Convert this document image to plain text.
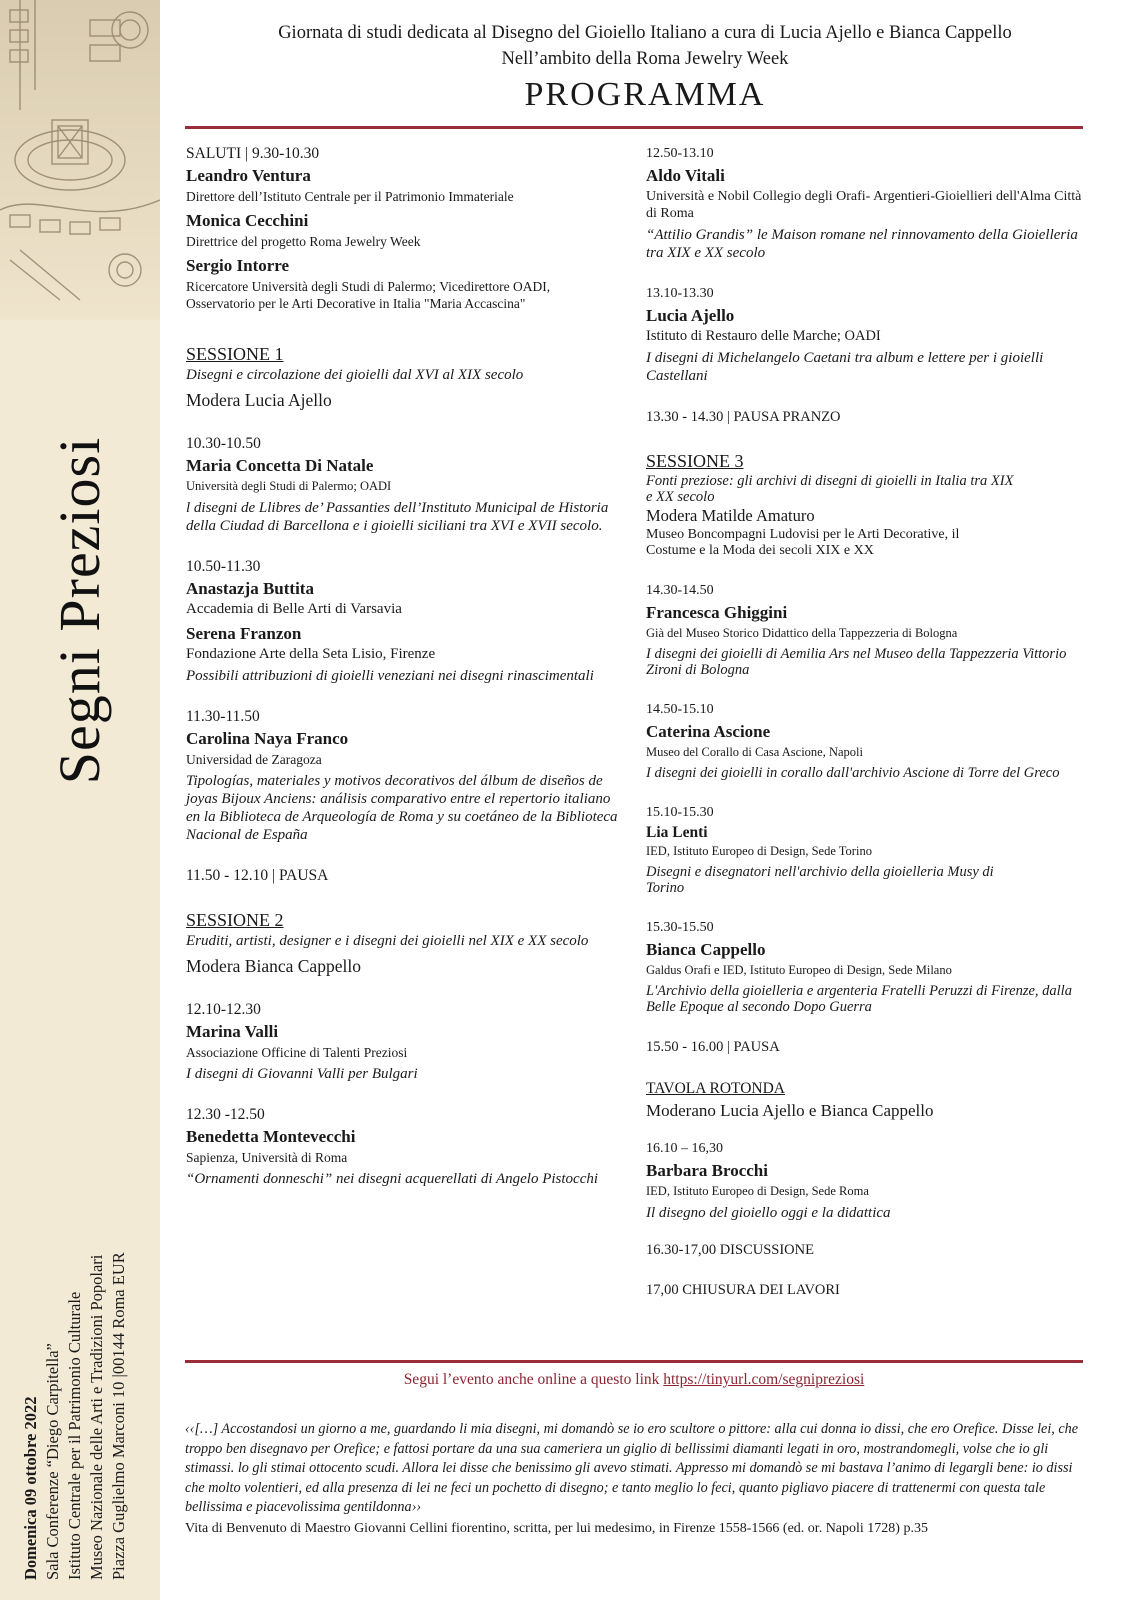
Segni Preziosi
Domenica 09 ottobre 2022 Sala Conferenze “Diego Carpitella” Istituto Centrale per il Patrimonio Culturale Museo Nazionale delle Arti e Tradizioni Popolari Piazza Guglielmo Marconi 10 |00144 Roma EUR
Giornata di studi dedicata al Disegno del Gioiello Italiano a cura di Lucia Ajello e Bianca Cappello
Nell’ambito della Roma Jewelry Week
PROGRAMMA
SALUTI | 9.30-10.30
Leandro Ventura
Direttore dell’Istituto Centrale per il Patrimonio Immateriale
Monica Cecchini
Direttrice del progetto Roma Jewelry Week
Sergio Intorre
Ricercatore Università degli Studi di Palermo; Vicedirettore OADI, Osservatorio per le Arti Decorative in Italia "Maria Accascina"
SESSIONE 1
Disegni e circolazione dei gioielli dal XVI al XIX secolo
Modera Lucia Ajello
10.30-10.50
Maria Concetta Di Natale
Università degli Studi di Palermo; OADI
l disegni de Llibres de’ Passanties dell’Instituto Municipal de Historia della Ciudad di Barcellona e i gioielli siciliani tra XVI e XVII secolo.
10.50-11.30
Anastazja Buttita
Accademia di Belle Arti di Varsavia
Serena Franzon
Fondazione Arte della Seta Lisio, Firenze
Possibili attribuzioni di gioielli veneziani nei disegni rinascimentali
11.30-11.50
Carolina Naya Franco
Universidad de Zaragoza
Tipologías, materiales y motivos decorativos del álbum de diseños de joyas Bijoux Anciens: análisis comparativo entre el repertorio italiano en la Biblioteca de Arqueología de Roma y su coetáneo de la Biblioteca Nacional de España
11.50 - 12.10 | PAUSA
SESSIONE 2
Eruditi, artisti, designer e i disegni dei gioielli nel XIX e XX secolo
Modera Bianca Cappello
12.10-12.30
Marina Valli
Associazione Officine di Talenti Preziosi
I disegni di Giovanni Valli per Bulgari
12.30 -12.50
Benedetta Montevecchi
Sapienza, Università di Roma
“Ornamenti donneschi” nei disegni acquerellati di Angelo Pistocchi
12.50-13.10
Aldo Vitali
Università e Nobil Collegio degli Orafi- Argentieri-Gioiellieri dell'Alma Città di Roma
“Attilio Grandis” le Maison romane nel rinnovamento della Gioielleria tra XIX e XX secolo
13.10-13.30
Lucia Ajello
Istituto di Restauro delle Marche; OADI
I disegni di Michelangelo Caetani tra album e lettere per i gioielli Castellani
13.30 - 14.30 | PAUSA PRANZO
SESSIONE 3
Fonti preziose: gli archivi di disegni di gioielli in Italia tra XIX e XX secolo
Modera Matilde Amaturo
Museo Boncompagni Ludovisi per le Arti Decorative, il Costume e la Moda dei secoli XIX e XX
14.30-14.50
Francesca Ghiggini
Già del Museo Storico Didattico della Tappezzeria di Bologna
I disegni dei gioielli di Aemilia Ars nel Museo della Tappezzeria Vittorio Zironi di Bologna
14.50-15.10
Caterina Ascione
Museo del Corallo di Casa Ascione, Napoli
I disegni dei gioielli in corallo dall'archivio Ascione di Torre del Greco
15.10-15.30
Lia Lenti
IED, Istituto Europeo di Design, Sede Torino
Disegni e disegnatori nell'archivio della gioielleria Musy di Torino
15.30-15.50
Bianca Cappello
Galdus Orafi e IED, Istituto Europeo di Design, Sede Milano
L'Archivio della gioielleria e argenteria Fratelli Peruzzi di Firenze, dalla Belle Epoque al secondo Dopo Guerra
15.50 - 16.00 | PAUSA
TAVOLA ROTONDA
Moderano Lucia Ajello e Bianca Cappello
16.10 – 16,30
Barbara Brocchi
IED, Istituto Europeo di Design, Sede Roma
Il disegno del gioiello oggi e la didattica
16.30-17,00 DISCUSSIONE
17,00 CHIUSURA DEI LAVORI
Segui l’evento anche online a questo link https://tinyurl.com/segnipreziosi
‹‹[…] Accostandosi un giorno a me, guardando li mia disegni, mi domandò se io ero scultore o pittore: alla cui donna io dissi, che ero Orefice. Disse lei, che troppo ben disegnavo per Orefice; e fattosi portare da una sua cameriera un giglio di bellissimi diamanti legati in oro, mostrandomegli, volse che io gli stimassi. lo gli stimai ottocento scudi. Allora lei disse che benissimo gli avevo stimati. Appresso mi domandò se mi bastava l’animo di legargli bene: io dissi che molto volentieri, ed alla presenza di lei ne feci un pochetto di disegno; e tanto meglio lo feci, quanto pigliavo piacere di trattenermi con questa tale bellissima e piacevolissima gentildonna››
Vita di Benvenuto di Maestro Giovanni Cellini fiorentino, scritta, per lui medesimo, in Firenze 1558-1566 (ed. or. Napoli 1728) p.35
